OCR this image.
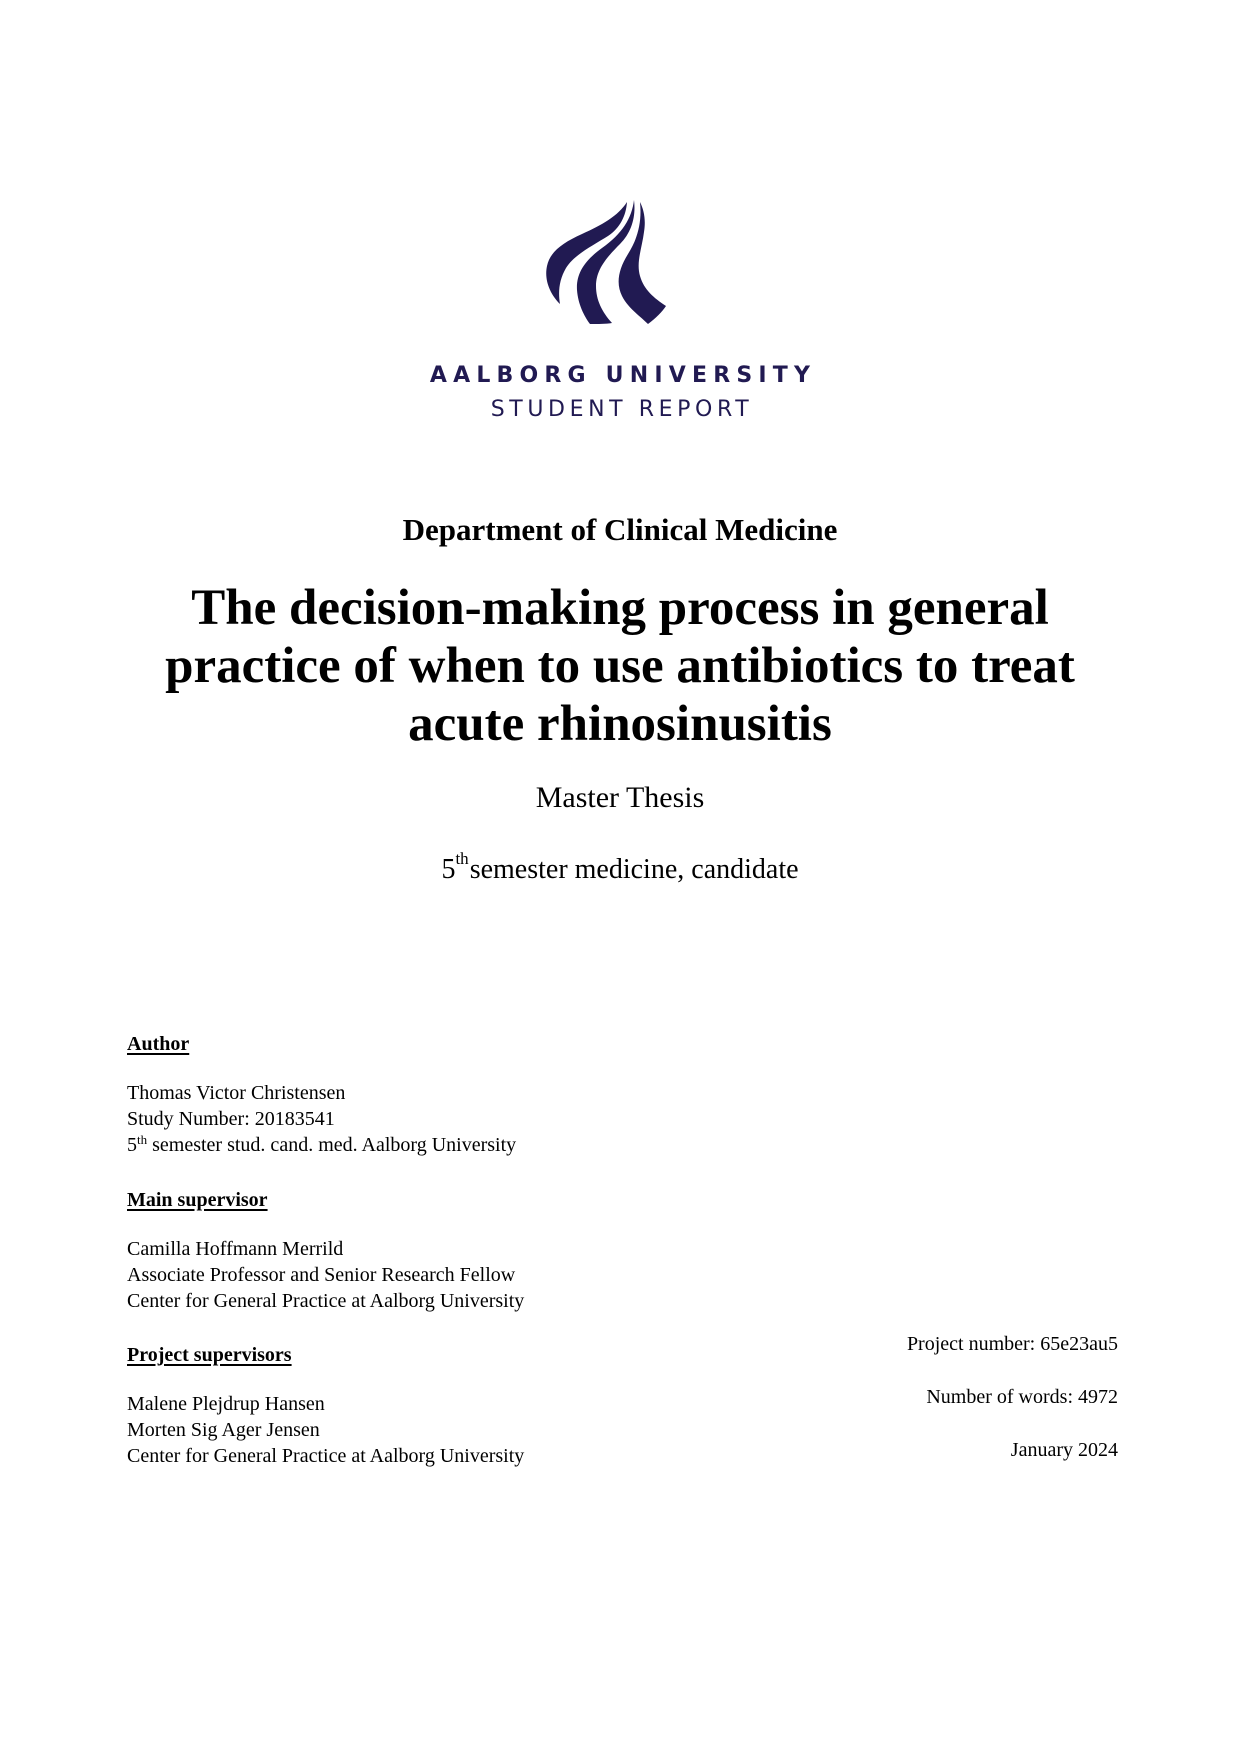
AALBORG UNIVERSITY
STUDENT REPORT
Department of Clinical Medicine
The decision-making process in general
practice of when to use antibiotics to treat
acute rhinosinusitis
Master Thesis
5thsemester medicine, candidate
Author
Thomas Victor Christensen
Study Number: 20183541
5th semester stud. cand. med. Aalborg University
Main supervisor
Camilla Hoffmann Merrild
Associate Professor and Senior Research Fellow
Center for General Practice at Aalborg University
Project supervisors
Malene Plejdrup Hansen
Morten Sig Ager Jensen
Center for General Practice at Aalborg University
Project number: 65e23au5
Number of words: 4972
January 2024
